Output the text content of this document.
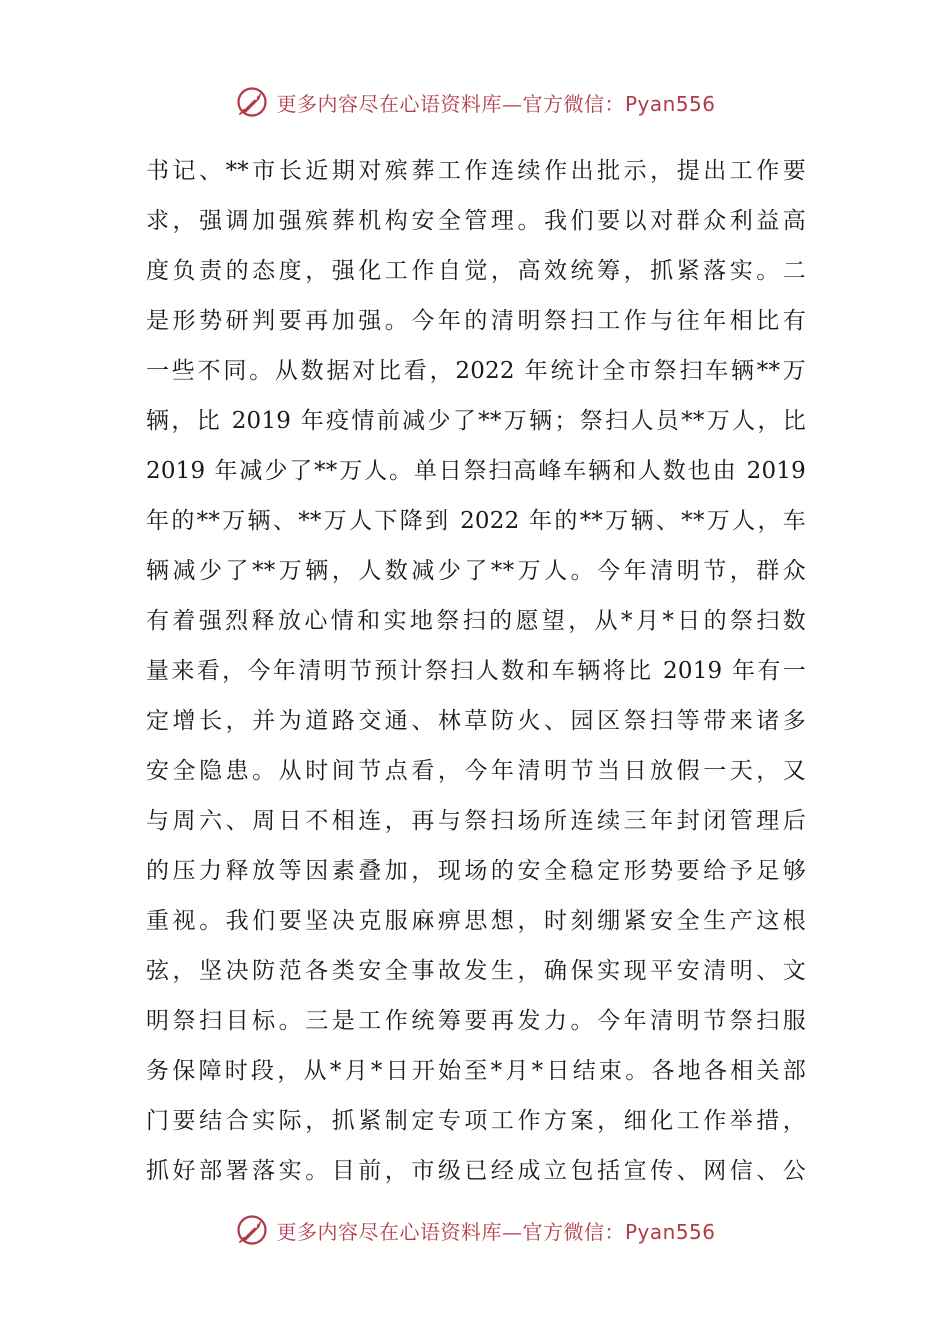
更多内容尽在心语资料库—官方微信：Pyan556
书记、**市长近期对殡葬工作连续作出批示，提出工作要
求，强调加强殡葬机构安全管理。我们要以对群众利益高
度负责的态度，强化工作自觉，高效统筹，抓紧落实。二
是形势研判要再加强。今年的清明祭扫工作与往年相比有
一些不同。从数据对比看，2022 年统计全市祭扫车辆**万
辆，比 2019 年疫情前减少了**万辆；祭扫人员**万人，比
2019 年减少了**万人。单日祭扫高峰车辆和人数也由 2019
年的**万辆、**万人下降到 2022 年的**万辆、**万人，车
辆减少了**万辆，人数减少了**万人。今年清明节，群众
有着强烈释放心情和实地祭扫的愿望，从*月*日的祭扫数
量来看，今年清明节预计祭扫人数和车辆将比 2019 年有一
定增长，并为道路交通、林草防火、园区祭扫等带来诸多
安全隐患。从时间节点看，今年清明节当日放假一天，又
与周六、周日不相连，再与祭扫场所连续三年封闭管理后
的压力释放等因素叠加，现场的安全稳定形势要给予足够
重视。我们要坚决克服麻痹思想，时刻绷紧安全生产这根
弦，坚决防范各类安全事故发生，确保实现平安清明、文
明祭扫目标。三是工作统筹要再发力。今年清明节祭扫服
务保障时段，从*月*日开始至*月*日结束。各地各相关部
门要结合实际，抓紧制定专项工作方案，细化工作举措，
抓好部署落实。目前，市级已经成立包括宣传、网信、公
更多内容尽在心语资料库—官方微信：Pyan556
